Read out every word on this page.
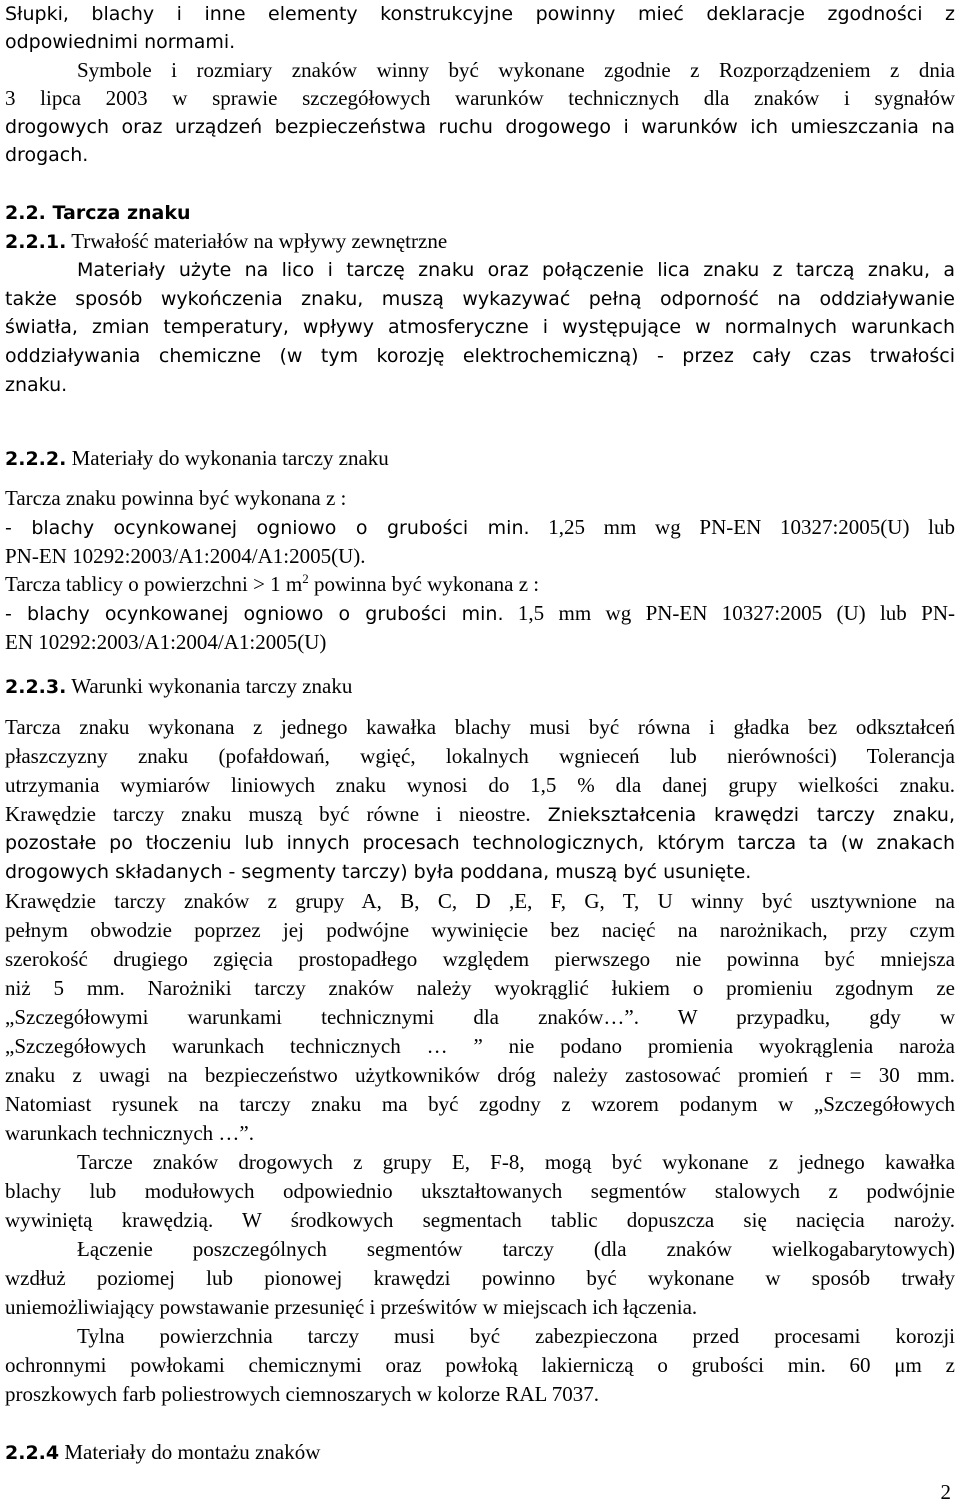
Słupki, blachy i inne elementy konstrukcyjne powinny mieć deklaracje zgodności z
odpowiednimi normami.
Symbole i rozmiary znaków winny być wykonane zgodnie z Rozporządzeniem z dnia
3 lipca 2003 w sprawie szczegółowych warunków technicznych dla znaków i sygnałów
drogowych oraz urządzeń bezpieczeństwa ruchu drogowego i warunków ich umieszczania na
drogach.
2.2. Tarcza znaku
2.2.1. Trwałość materiałów na wpływy zewnętrzne
Materiały użyte na lico i tarczę znaku oraz połączenie lica znaku z tarczą znaku, a
także sposób wykończenia znaku, muszą wykazywać pełną odporność na oddziaływanie
światła, zmian temperatury, wpływy atmosferyczne i występujące w normalnych warunkach
oddziaływania chemiczne (w tym korozję elektrochemiczną) - przez cały czas trwałości
znaku.
2.2.2. Materiały do wykonania tarczy znaku
Tarcza znaku powinna być wykonana z :
- blachy ocynkowanej ogniowo o grubości min. 1,25 mm wg PN-EN 10327:2005(U) lub
PN-EN 10292:2003/A1:2004/A1:2005(U).
Tarcza tablicy o powierzchni > 1 $m^2$ powinna być wykonana z :
- blachy ocynkowanej ogniowo o grubości min. 1,5 mm wg PN-EN 10327:2005 (U) lub PN-
EN 10292:2003/A1:2004/A1:2005(U)
2.2.3. Warunki wykonania tarczy znaku
Tarcza znaku wykonana z jednego kawałka blachy musi być równa i gładka bez odkształceń
płaszczyzny znaku (pofałdowań, wgięć, lokalnych wgnieceń lub nierówności) Tolerancja
utrzymania wymiarów liniowych znaku wynosi do 1,5 % dla danej grupy wielkości znaku.
Krawędzie tarczy znaku muszą być równe i nieostre. Zniekształcenia krawędzi tarczy znaku,
pozostałe po tłoczeniu lub innych procesach technologicznych, którym tarcza ta (w znakach
drogowych składanych - segmenty tarczy) była poddana, muszą być usunięte.
Krawędzie tarczy znaków z grupy A, B, C, D ,E, F, G, T, U winny być usztywnione na
pełnym obwodzie poprzez jej podwójne wywinięcie bez nacięć na narożnikach, przy czym
szerokość drugiego zgięcia prostopadłego względem pierwszego nie powinna być mniejsza
niż 5 mm. Narożniki tarczy znaków należy wyokrąglić łukiem o promieniu zgodnym ze
„Szczegółowymi warunkami technicznymi dla znaków…”. W przypadku, gdy w
„Szczegółowych warunkach technicznych … ” nie podano promienia wyokrąglenia naroża
znaku z uwagi na bezpieczeństwo użytkowników dróg należy zastosować promień r = 30 mm.
Natomiast rysunek na tarczy znaku ma być zgodny z wzorem podanym w „Szczegółowych
warunkach technicznych …”.
Tarcze znaków drogowych z grupy E, F-8, mogą być wykonane z jednego kawałka
blachy lub modułowych odpowiednio ukształtowanych segmentów stalowych z podwójnie
wywiniętą krawędzią. W środkowych segmentach tablic dopuszcza się nacięcia naroży.
Łączenie poszczególnych segmentów tarczy (dla znaków wielkogabarytowych)
wzdłuż poziomej lub pionowej krawędzi powinno być wykonane w sposób trwały
uniemożliwiający powstawanie przesunięć i prześwitów w miejscach ich łączenia.
Tylna powierzchnia tarczy musi być zabezpieczona przed procesami korozji
ochronnymi powłokami chemicznymi oraz powłoką lakierniczą o grubości min. 60 μm z
proszkowych farb poliestrowych ciemnoszarych w kolorze RAL 7037.
2.2.4 Materiały do montażu znaków
2
